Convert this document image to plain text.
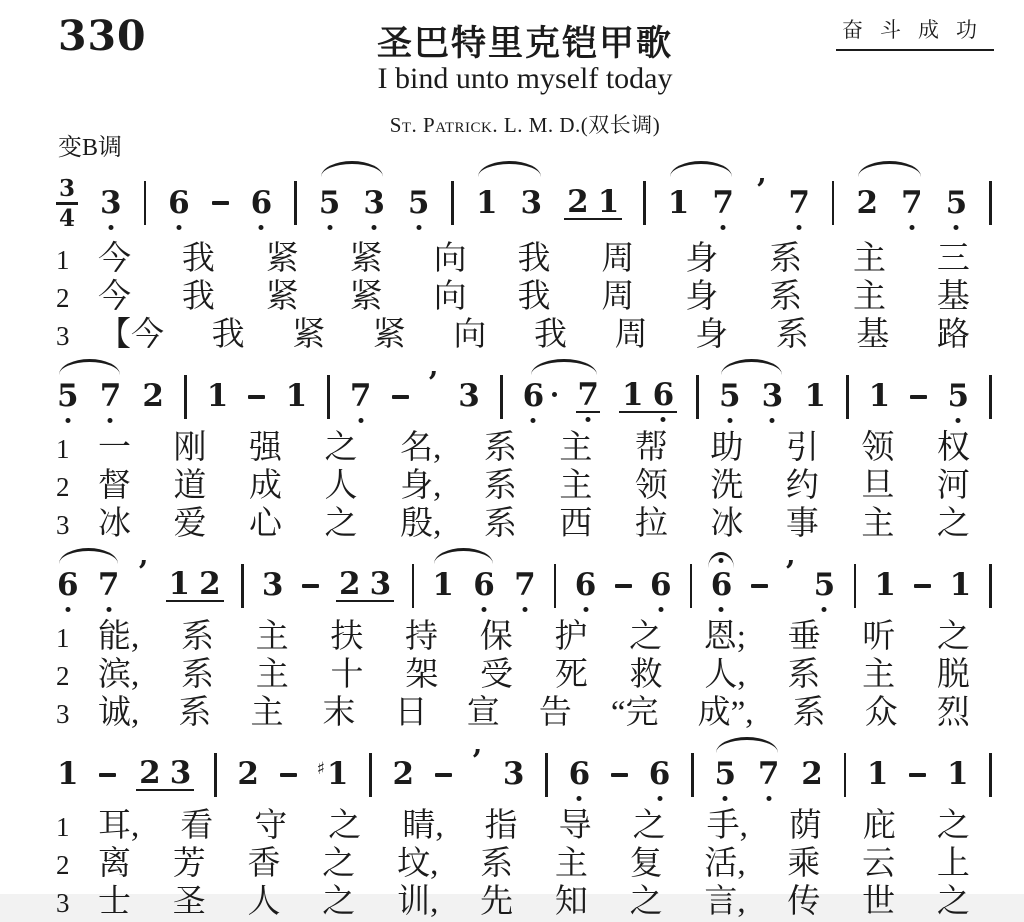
330	圣巴特里克铠甲歌	奋斗成功
I bind unto myself today
St. Patrick. L. M. D.(双长调)
变B调
$\frac{3}{4} 3$ 6 6 5 3 5 1 3 2 1 1 7 ’ 7 2 7 5
1 今 我 紧 紧 向 我 周 身 系 主 三
2 今 我 紧 紧 向 我 周 身 系 主 基
3 【今 我 紧 紧 向 我 周 身 系 基 路
5 7 2 1 1 7 ’ 3 6	7 1 6 5 3 1 1 5
1 一 刚 强 之 名, 系 主 帮 助 引 领 权
2 督 道 成 人 身, 系 主 领 洗 约 旦 河
3 冰 爱 心 之 殷, 系 西 拉 冰 事 主 之
6 7 ’ 1 2 3 2 3 1 6 7 6 6 6 ’ 5 1 1
1 能, 系 主 扶 持 保 护 之 恩; 垂 听 之
2 滨, 系 主 十 架 受 死 救 人, 系 主 脱
3 诚, 系 主 末 日 宣 告 “完 成”, 系 众 烈
1 2 3 2	♯1 2 ’ 3 6 6 5 7 2 1 1
1 耳, 看 守 之 睛, 指 导 之 手, 荫 庇 之
2 离 芳 香 之 坟, 系 主 复 活, 乘 云 上
3 士 圣 人 之 训, 先 知 之 言, 传 世 之
